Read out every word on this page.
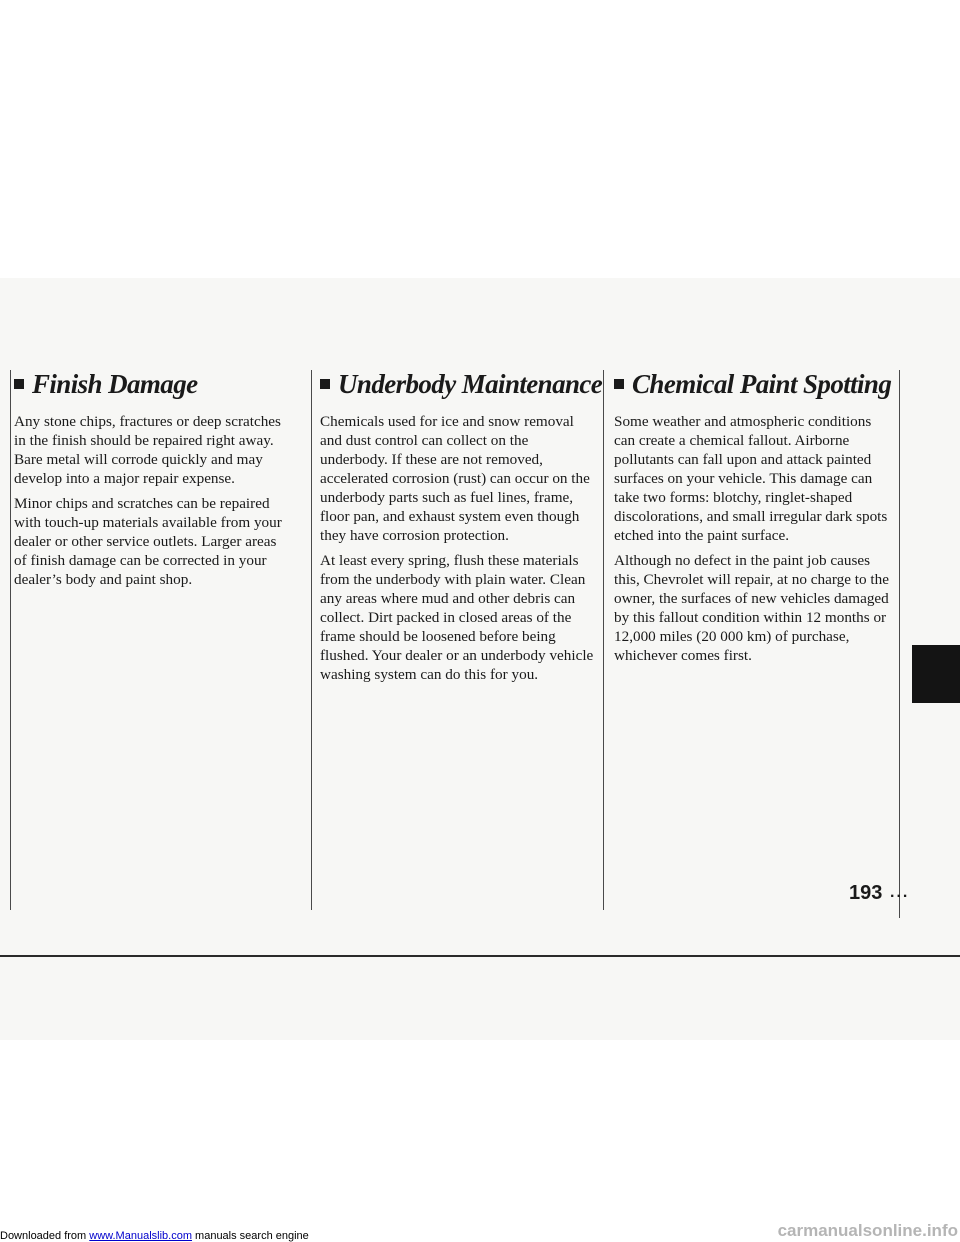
Finish Damage

Any stone chips, fractures or deep scratches in the finish should be repaired right away. Bare metal will corrode quickly and may develop into a major repair expense.

Minor chips and scratches can be repaired with touch-up materials available from your dealer or other service outlets. Larger areas of finish damage can be corrected in your dealer’s body and paint shop.

Underbody Maintenance

Chemicals used for ice and snow removal and dust control can collect on the underbody. If these are not removed, accelerated corrosion (rust) can occur on the underbody parts such as fuel lines, frame, floor pan, and exhaust system even though they have corrosion protection.

At least every spring, flush these materials from the underbody with plain water. Clean any areas where mud and other debris can collect. Dirt packed in closed areas of the frame should be loosened before being flushed. Your dealer or an underbody vehicle washing system can do this for you.

Chemical Paint Spotting

Some weather and atmospheric conditions can create a chemical fallout. Airborne pollutants can fall upon and attack painted surfaces on your vehicle. This damage can take two forms: blotchy, ringlet-shaped discolorations, and small irregular dark spots etched into the paint surface.

Although no defect in the paint job causes this, Chevrolet will repair, at no charge to the owner, the surfaces of new vehicles damaged by this fallout condition within 12 months or 12,000 miles (20 000 km) of purchase, whichever comes first.

193 ...
Downloaded from www.Manualslib.com manuals search engine	carmanualsonline.info
